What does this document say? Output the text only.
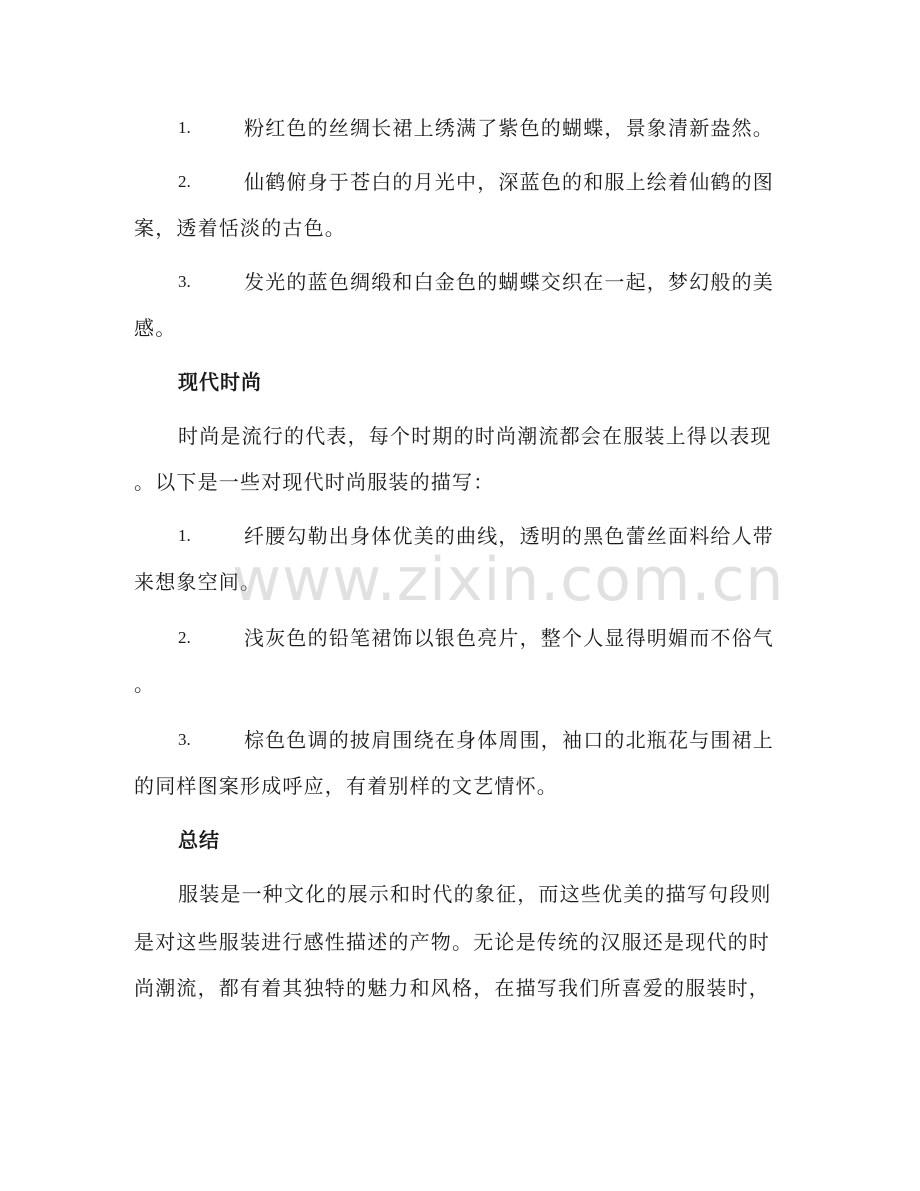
1.	粉红色的丝绸长裙上绣满了紫色的蝴蝶，景象清新盎然。
2.	仙鹤俯身于苍白的月光中，深蓝色的和服上绘着仙鹤的图
案，透着恬淡的古色。
3.	发光的蓝色绸缎和白金色的蝴蝶交织在一起，梦幻般的美
感。
现代时尚
时尚是流行的代表，每个时期的时尚潮流都会在服装上得以表现
。以下是一些对现代时尚服装的描写：
1.	纤腰勾勒出身体优美的曲线，透明的黑色蕾丝面料给人带
来想象空间。
2.	浅灰色的铅笔裙饰以银色亮片，整个人显得明媚而不俗气
。
3.	棕色色调的披肩围绕在身体周围，袖口的北瓶花与围裙上
的同样图案形成呼应，有着别样的文艺情怀。
总结
服装是一种文化的展示和时代的象征，而这些优美的描写句段则
是对这些服装进行感性描述的产物。无论是传统的汉服还是现代的时
尚潮流，都有着其独特的魅力和风格，在描写我们所喜爱的服装时，
www.zixin.com.cn
